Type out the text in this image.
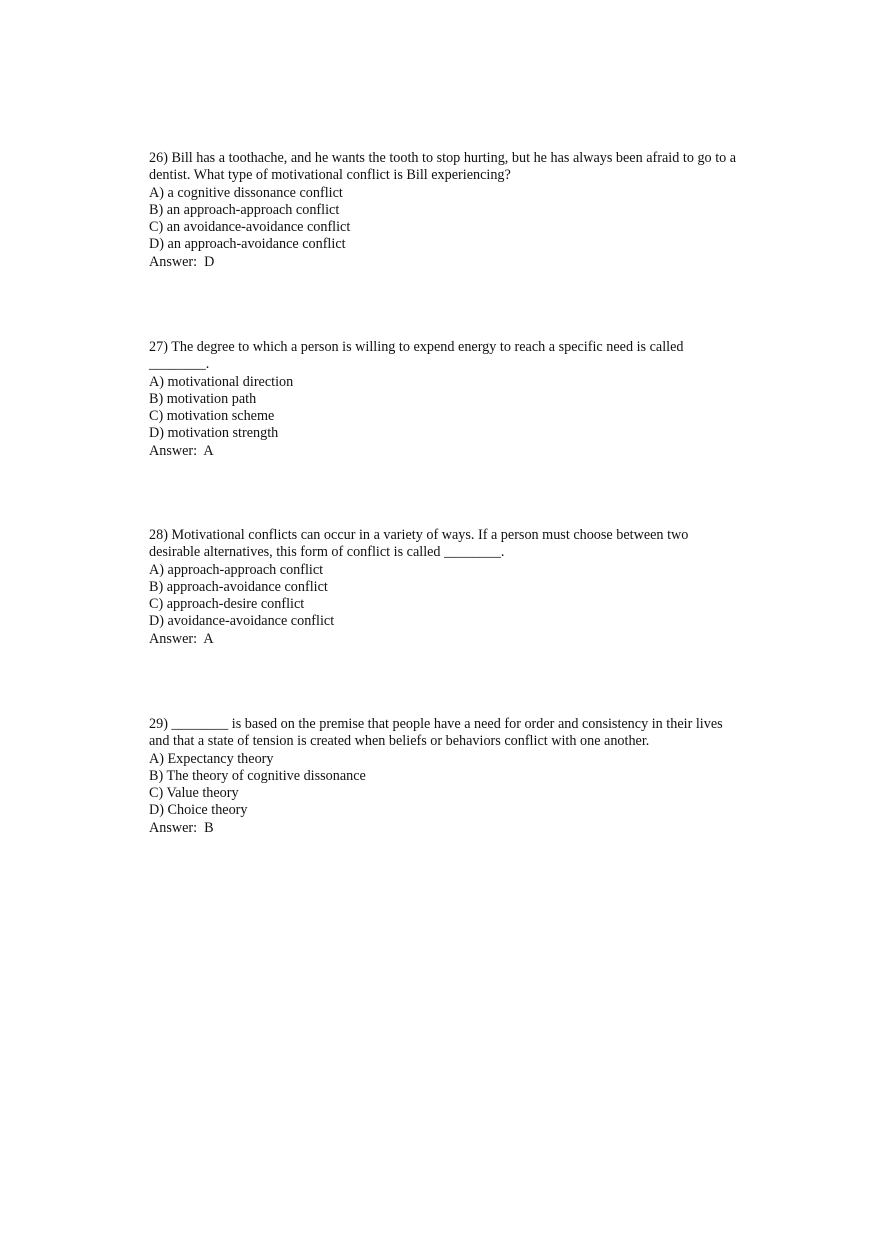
26) Bill has a toothache, and he wants the tooth to stop hurting, but he has always been afraid to go to a dentist. What type of motivational conflict is Bill experiencing?

A) a cognitive dissonance conflict
B) an approach-approach conflict
C) an avoidance-avoidance conflict
D) an approach-avoidance conflict
Answer:  D

27) The degree to which a person is willing to expend energy to reach a specific need is called ________.

A) motivational direction
B) motivation path
C) motivation scheme
D) motivation strength
Answer:  A

28) Motivational conflicts can occur in a variety of ways. If a person must choose between two desirable alternatives, this form of conflict is called ________.

A) approach-approach conflict
B) approach-avoidance conflict
C) approach-desire conflict
D) avoidance-avoidance conflict
Answer:  A

29) ________ is based on the premise that people have a need for order and consistency in their lives and that a state of tension is created when beliefs or behaviors conflict with one another.

A) Expectancy theory
B) The theory of cognitive dissonance
C) Value theory
D) Choice theory
Answer:  B
